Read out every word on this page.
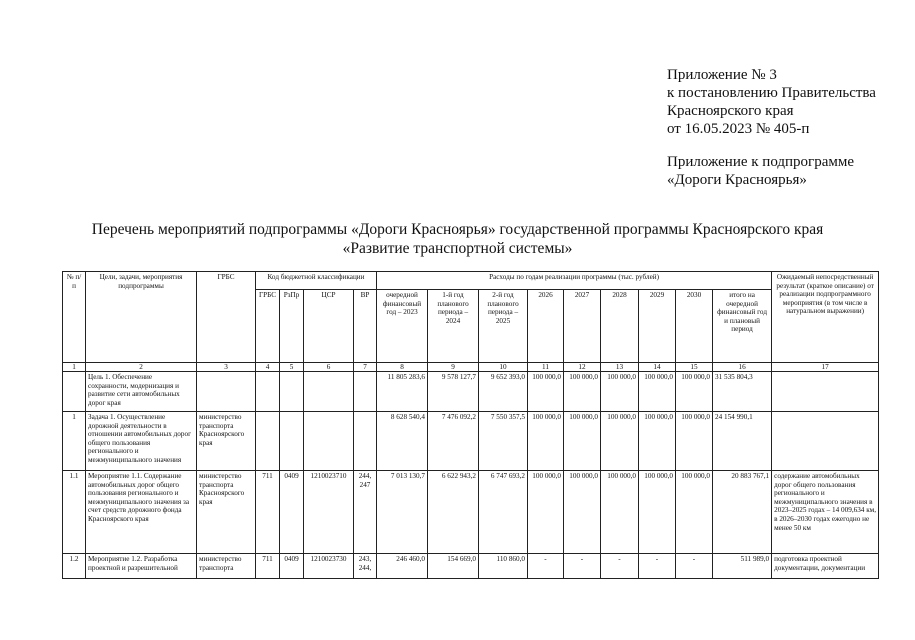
Приложение № 3
к постановлению Правительства
Красноярского края
от 16.05.2023 № 405-п
Приложение к подпрограмме
«Дороги Красноярья»
Перечень мероприятий подпрограммы «Дороги Красноярья» государственной программы Красноярского края
«Развитие транспортной системы»
№ п/п	Цели, задачи, мероприятия подпрограммы	ГРБС	Код бюджетной классификации				Расходы по годам реализации программы (тыс. рублей)									Ожидаемый непосредственный результат (краткое описание) от реализации подпрограммного мероприятия (в том числе в натуральном выражении)
			ГРБС	РзПр	ЦСР	ВР	очередной финансовый год – 2023	1-й год планового периода – 2024	2-й год планового периода – 2025	2026	2027	2028	2029	2030	итого на очередной финансовый год и плановый период	
1	2	3	4	5	6	7	8	9	10	11	12	13	14	15	16	17
	Цель 1. Обеспечение сохранности, модернизация и развитие сети автомобильных дорог края						11 805 283,6	9 578 127,7	9 652 393,0	100 000,0	100 000,0	100 000,0	100 000,0	100 000,0	31 535 804,3	
1	Задача 1. Осуществление дорожной деятельности в отношении автомобильных дорог общего пользования регионального и межмуниципального значения	министерство транспорта Красноярского края					8 628 540,4	7 476 092,2	7 550 357,5	100 000,0	100 000,0	100 000,0	100 000,0	100 000,0	24 154 990,1	
1.1	Мероприятие 1.1. Содержание автомобильных дорог общего пользования регионального и межмуниципального значения за счет средств дорожного фонда Красноярского края	министерство транспорта Красноярского края	711	0409	1210023710	244, 247	7 013 130,7	6 622 943,2	6 747 693,2	100 000,0	100 000,0	100 000,0	100 000,0	100 000,0	20 883 767,1	содержание автомобильных дорог общего пользования регионального и межмуниципального значения в 2023–2025 годах – 14 009,634 км, в 2026–2030 годах ежегодно не менее 50 км
1.2	Мероприятие 1.2. Разработка проектной и разрешительной	министерство транспорта	711	0409	1210023730	243, 244,	246 460,0	154 669,0	110 860,0	-	-	-	-	-	511 989,0	подготовка проектной документации, документации
